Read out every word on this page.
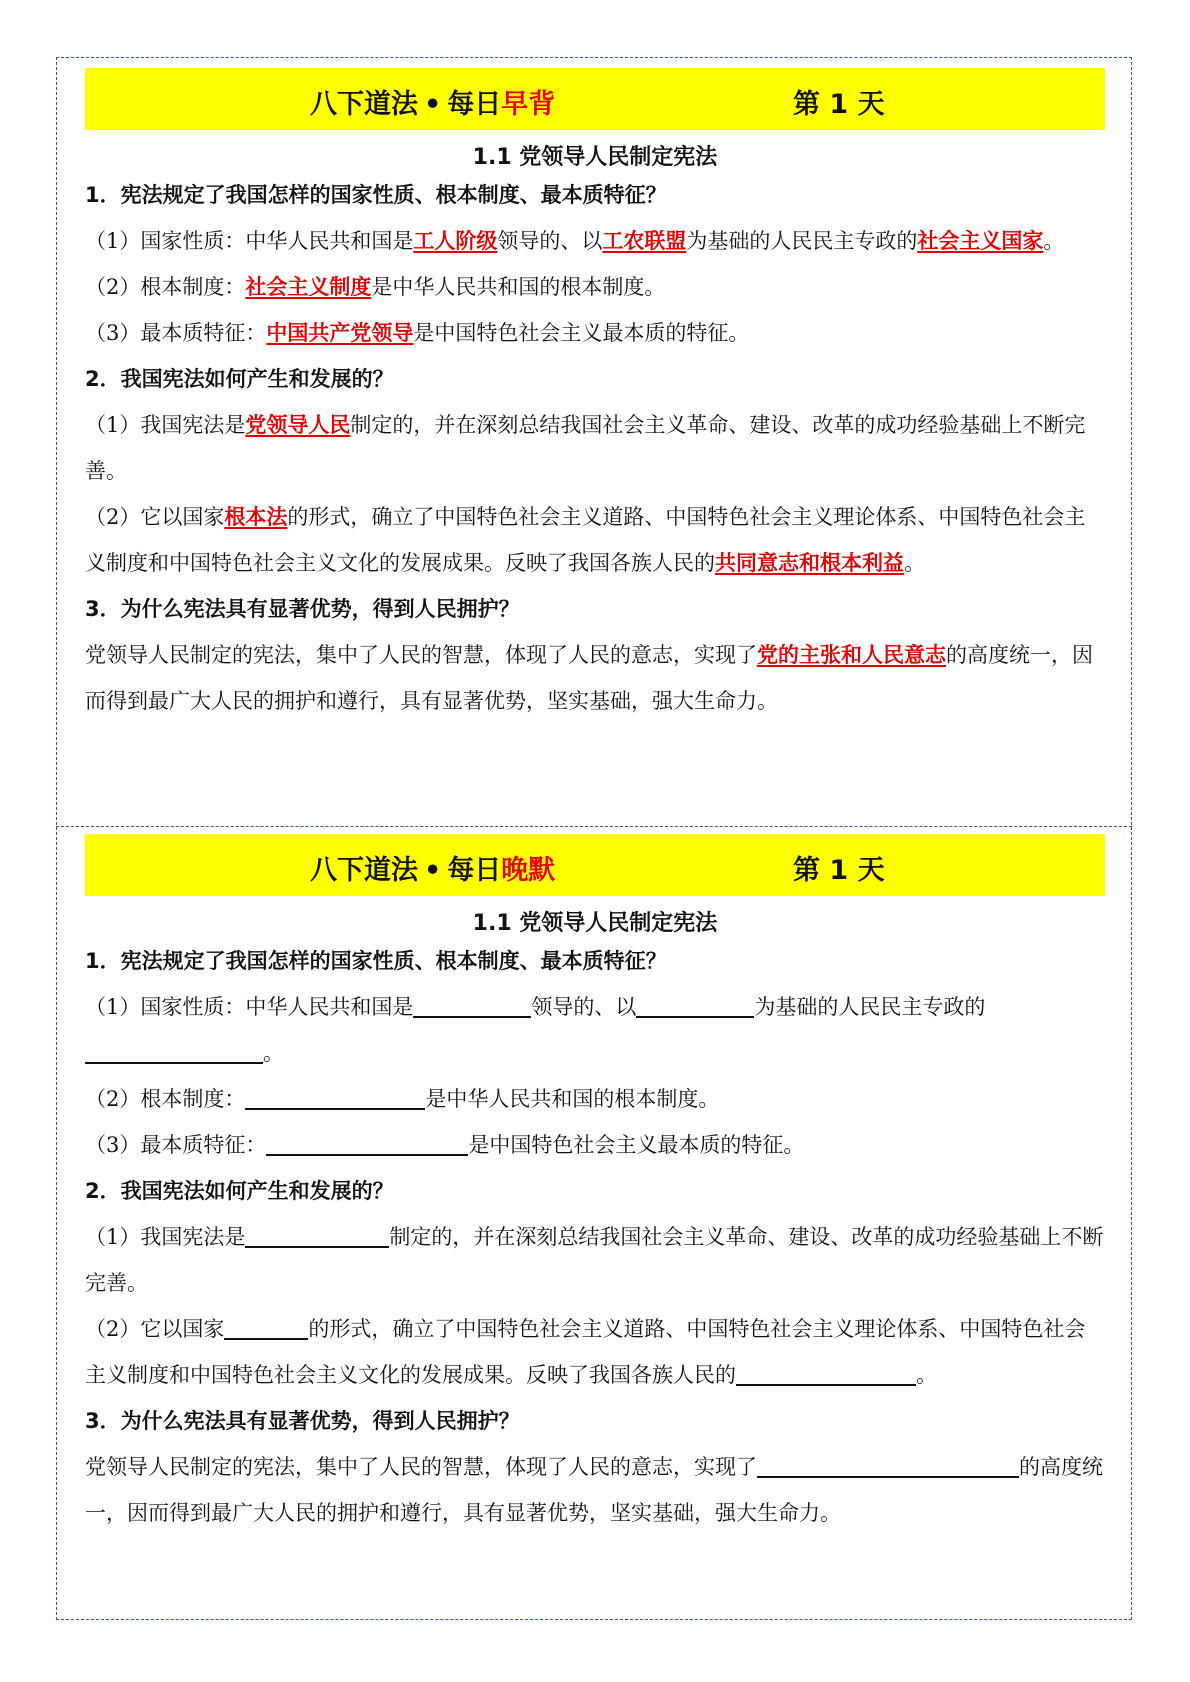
八下道法 • 每日早背	第 1 天
1.1 党领导人民制定宪法
1．宪法规定了我国怎样的国家性质、根本制度、最本质特征？

（1）国家性质：中华人民共和国是工人阶级领导的、以工农联盟为基础的人民民主专政的社会主义国家。

（2）根本制度：社会主义制度是中华人民共和国的根本制度。

（3）最本质特征：中国共产党领导是中国特色社会主义最本质的特征。

2．我国宪法如何产生和发展的？

（1）我国宪法是党领导人民制定的，并在深刻总结我国社会主义革命、建设、改革的成功经验基础上不断完善。

（2）它以国家根本法的形式，确立了中国特色社会主义道路、中国特色社会主义理论体系、中国特色社会主义制度和中国特色社会主义文化的发展成果。反映了我国各族人民的共同意志和根本利益。

3．为什么宪法具有显著优势，得到人民拥护？

党领导人民制定的宪法，集中了人民的智慧，体现了人民的意志，实现了党的主张和人民意志的高度统一，因而得到最广大人民的拥护和遵行，具有显著优势，坚实基础，强大生命力。

八下道法 • 每日晚默	第 1 天
1.1 党领导人民制定宪法
1．宪法规定了我国怎样的国家性质、根本制度、最本质特征？

（1）国家性质：中华人民共和国是	领导的、以	为基础的人民民主专政的
。

（2）根本制度：	是中华人民共和国的根本制度。

（3）最本质特征：	是中国特色社会主义最本质的特征。

2．我国宪法如何产生和发展的？

（1）我国宪法是	制定的，并在深刻总结我国社会主义革命、建设、改革的成功经验基础上不断完善。

（2）它以国家	的形式，确立了中国特色社会主义道路、中国特色社会主义理论体系、中国特色社会主义制度和中国特色社会主义文化的发展成果。反映了我国各族人民的	。

3．为什么宪法具有显著优势，得到人民拥护？

党领导人民制定的宪法，集中了人民的智慧，体现了人民的意志，实现了	的高度统一，因而得到最广大人民的拥护和遵行，具有显著优势，坚实基础，强大生命力。
